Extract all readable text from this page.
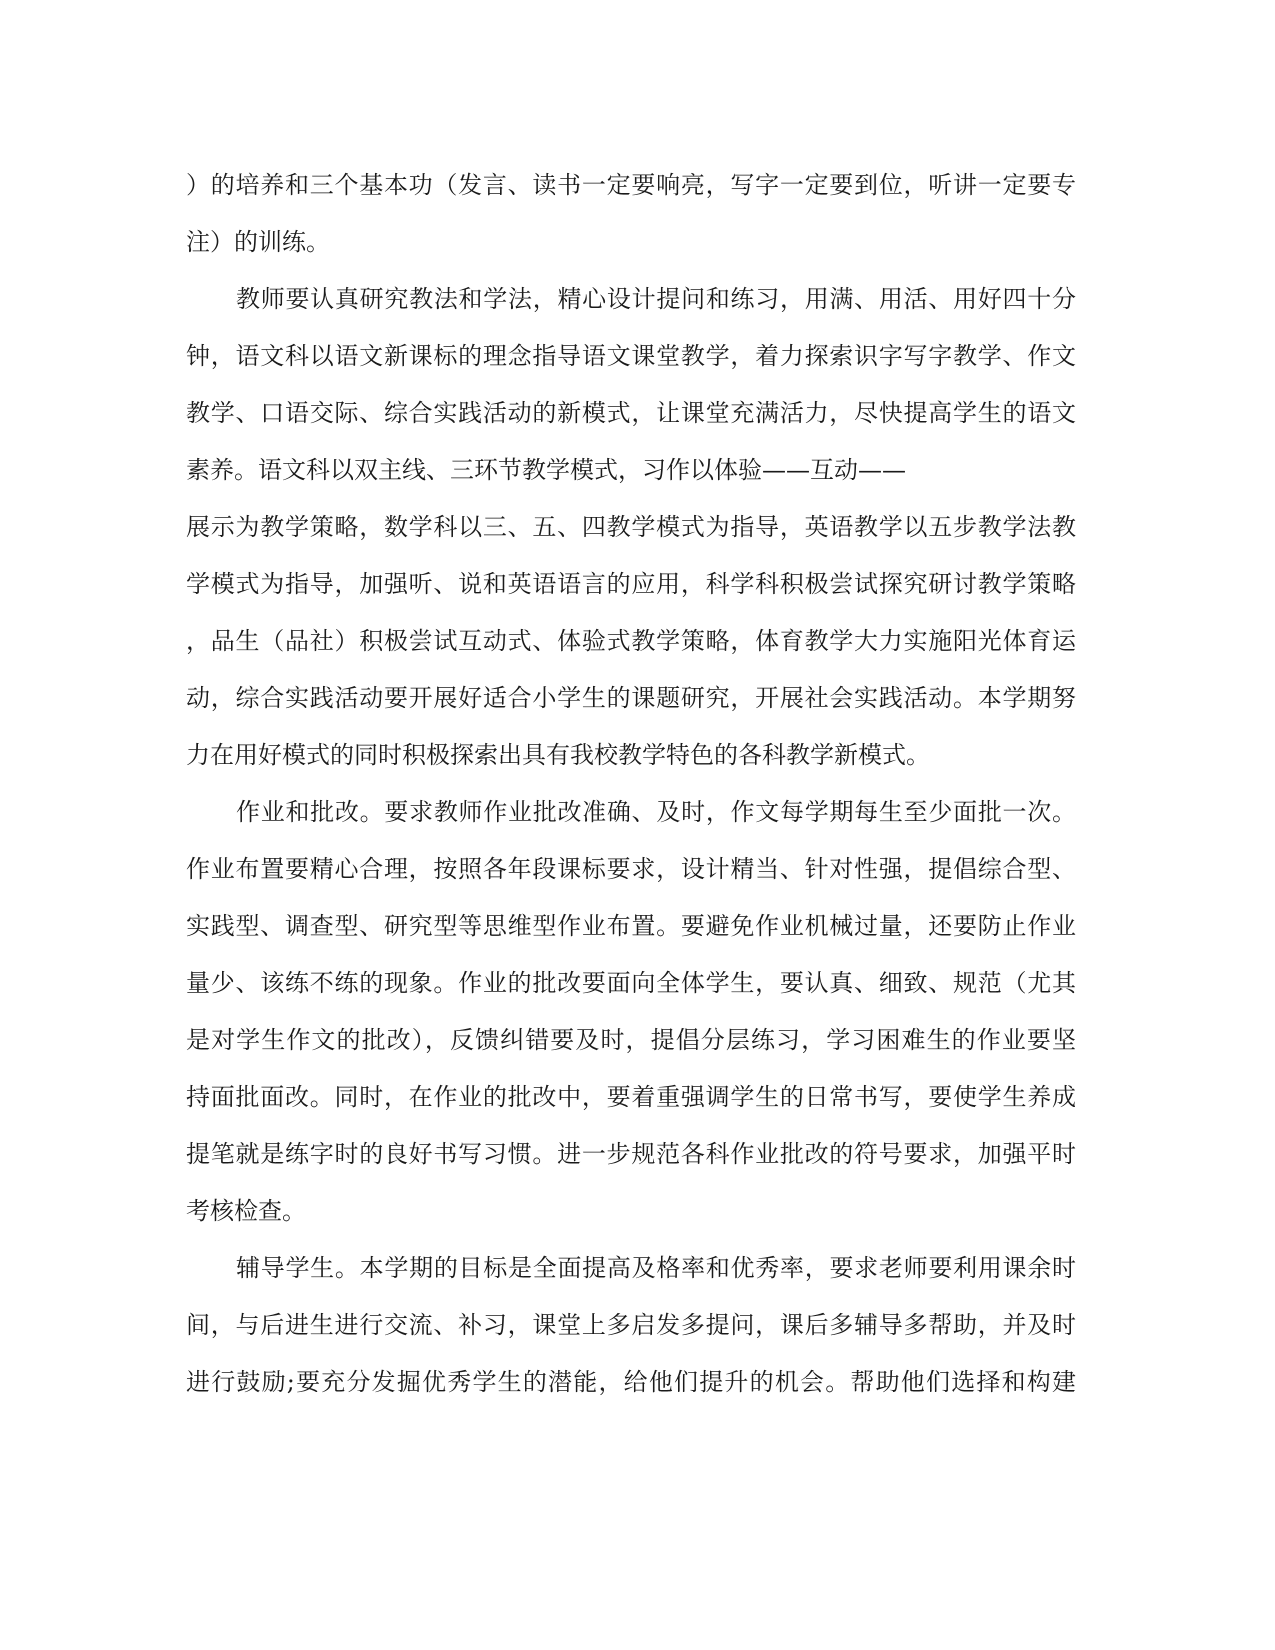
）的培养和三个基本功（发言、读书一定要响亮，写字一定要到位，听讲一定要专
注）的训练。
教师要认真研究教法和学法，精心设计提问和练习，用满、用活、用好四十分
钟，语文科以语文新课标的理念指导语文课堂教学，着力探索识字写字教学、作文
教学、口语交际、综合实践活动的新模式，让课堂充满活力，尽快提高学生的语文
素养。语文科以双主线、三环节教学模式，习作以体验——互动——
展示为教学策略，数学科以三、五、四教学模式为指导，英语教学以五步教学法教
学模式为指导，加强听、说和英语语言的应用，科学科积极尝试探究研讨教学策略
，品生（品社）积极尝试互动式、体验式教学策略，体育教学大力实施阳光体育运
动，综合实践活动要开展好适合小学生的课题研究，开展社会实践活动。本学期努
力在用好模式的同时积极探索出具有我校教学特色的各科教学新模式。
作业和批改。要求教师作业批改准确、及时，作文每学期每生至少面批一次。
作业布置要精心合理，按照各年段课标要求，设计精当、针对性强，提倡综合型、
实践型、调查型、研究型等思维型作业布置。要避免作业机械过量，还要防止作业
量少、该练不练的现象。作业的批改要面向全体学生，要认真、细致、规范（尤其
是对学生作文的批改），反馈纠错要及时，提倡分层练习，学习困难生的作业要坚
持面批面改。同时，在作业的批改中，要着重强调学生的日常书写，要使学生养成
提笔就是练字时的良好书写习惯。进一步规范各科作业批改的符号要求，加强平时
考核检查。
辅导学生。本学期的目标是全面提高及格率和优秀率，要求老师要利用课余时
间，与后进生进行交流、补习，课堂上多启发多提问，课后多辅导多帮助，并及时
进行鼓励;要充分发掘优秀学生的潜能，给他们提升的机会。帮助他们选择和构建
